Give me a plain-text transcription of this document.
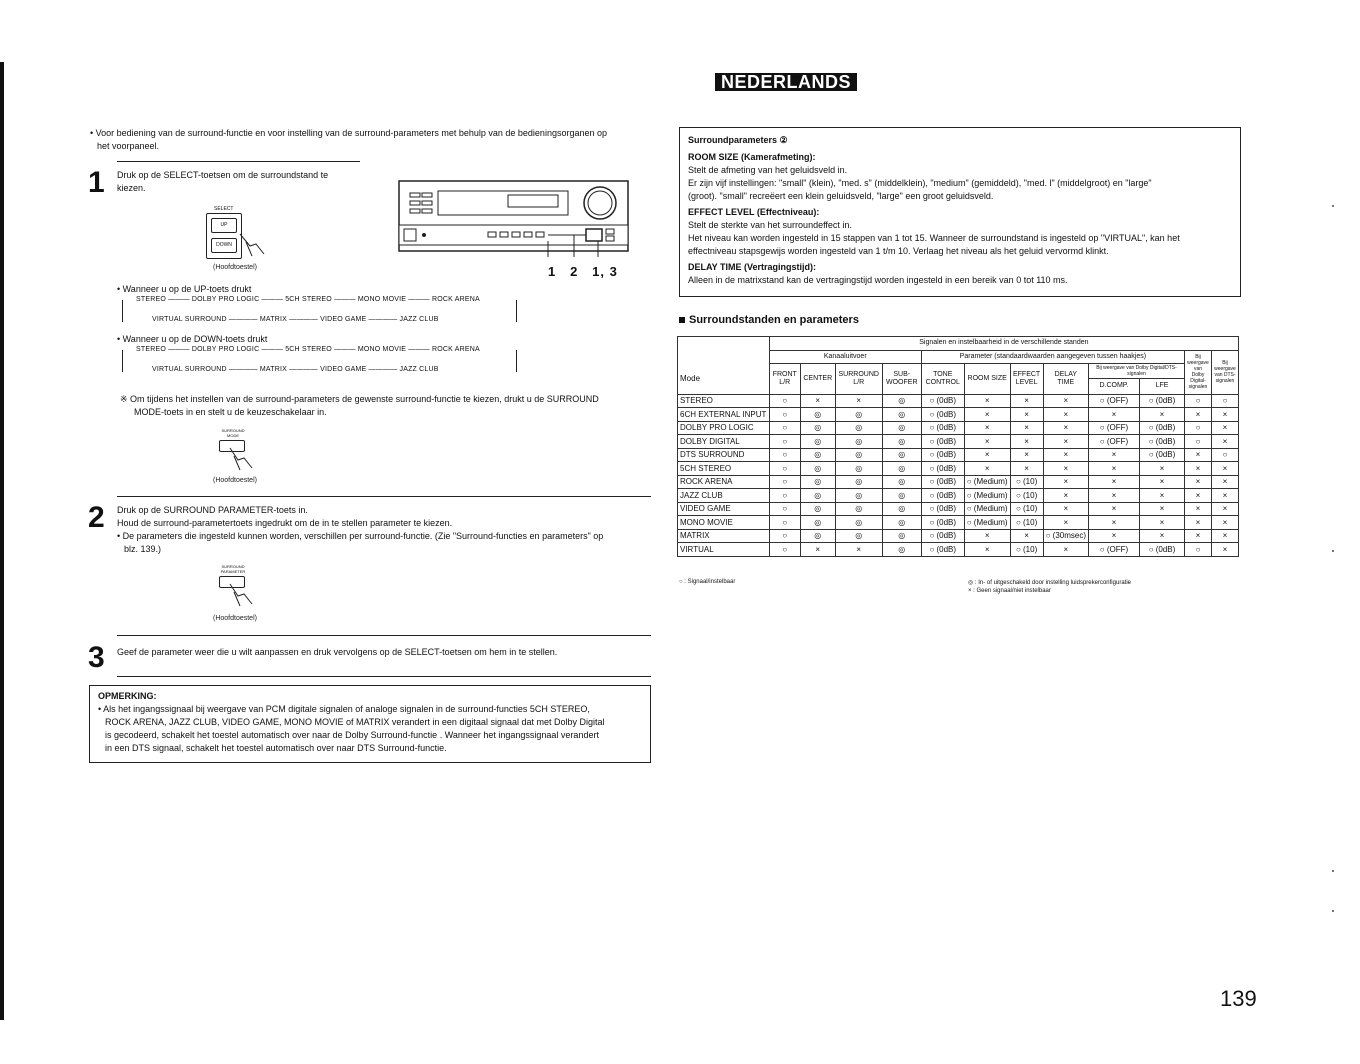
NEDERLANDS
• Voor bediening van de surround-functie en voor instelling van de surround-parameters met behulp van de bedieningsorganen op
het voorpaneel.
1 Druk op de SELECT-toetsen om de surroundstand te
kiezen.
SELECT
UP
DOWN
(Hoofdtoestel)	1   2   1, 3
• Wanneer u op de UP-toets drukt
STEREO ——— DOLBY PRO LOGIC ——— 5CH STEREO ——— MONO MOVIE ——— ROCK ARENA
VIRTUAL SURROUND ———— MATRIX ———— VIDEO GAME ———— JAZZ CLUB
• Wanneer u op de DOWN-toets drukt
STEREO ——— DOLBY PRO LOGIC ——— 5CH STEREO ——— MONO MOVIE ——— ROCK ARENA
VIRTUAL SURROUND ———— MATRIX ———— VIDEO GAME ———— JAZZ CLUB
※ Om tijdens het instellen van de surround-parameters de gewenste surround-functie te kiezen, drukt u de SURROUND
MODE-toets in en stelt u de keuzeschakelaar in.
SURROUND MODE
(Hoofdtoestel)
2 Druk op de SURROUND PARAMETER-toets in.
Houd de surround-parametertoets ingedrukt om de in te stellen parameter te kiezen.
• De parameters die ingesteld kunnen worden, verschillen per surround-functie. (Zie "Surround-functies en parameters" op
blz. 139.)
SURROUND PARAMETER
(Hoofdtoestel)
3 Geef de parameter weer die u wilt aanpassen en druk vervolgens op de SELECT-toetsen om hem in te stellen.
OPMERKING:
• Als het ingangssignaal bij weergave van PCM digitale signalen of analoge signalen in de surround-functies 5CH STEREO,
ROCK ARENA, JAZZ CLUB, VIDEO GAME, MONO MOVIE of MATRIX verandert in een digitaal signaal dat met Dolby Digital
is gecodeerd, schakelt het toestel automatisch over naar de Dolby Surround-functie . Wanneer het ingangssignaal verandert
in een DTS signaal, schakelt het toestel automatisch over naar DTS Surround-functie.
Surroundparameters ②
ROOM SIZE (Kamerafmeting):
Stelt de afmeting van het geluidsveld in.
Er zijn vijf instellingen: "small" (klein), "med. s" (middelklein), "medium" (gemiddeld), "med. l" (middelgroot) en "large"
(groot). "small" recreëert een klein geluidsveld, "large" een groot geluidsveld.
EFFECT LEVEL (Effectniveau):
Stelt de sterkte van het surroundeffect in.
Het niveau kan worden ingesteld in 15 stappen van 1 tot 15. Wanneer de surroundstand is ingesteld op "VIRTUAL", kan het
effectniveau stapsgewijs worden ingesteld van 1 t/m 10. Verlaag het niveau als het geluid vervormd klinkt.
DELAY TIME (Vertragingstijd):
Alleen in de matrixstand kan de vertragingstijd worden ingesteld in een bereik van 0 tot 110 ms.
Surroundstanden en parameters
	Signalen en instelbaarheid in de verschillende standen											
	Kanaaluitvoer				Parameter (standaardwaarden aangegeven tussen haakjes)						Bij weergave van Dolby Digital-signalen	Bij weergave van DTS-signalen
Mode	FRONT L/R	CENTER	SURROUND L/R	SUB-WOOFER	TONE CONTROL	ROOM SIZE	EFFECT LEVEL	DELAY TIME	Bij weergave van Dolby Digital/DTS-signalen			
									D.COMP.	LFE		
STEREO	○	×	×	◎	○ (0dB)	×	×	×	○ (OFF)	○ (0dB)	○	○
6CH EXTERNAL INPUT	○	◎	◎	◎	○ (0dB)	×	×	×	×	×	×	×
DOLBY PRO LOGIC	○	◎	◎	◎	○ (0dB)	×	×	×	○ (OFF)	○ (0dB)	○	×
DOLBY DIGITAL	○	◎	◎	◎	○ (0dB)	×	×	×	○ (OFF)	○ (0dB)	○	×
DTS SURROUND	○	◎	◎	◎	○ (0dB)	×	×	×	×	○ (0dB)	×	○
5CH STEREO	○	◎	◎	◎	○ (0dB)	×	×	×	×	×	×	×
ROCK ARENA	○	◎	◎	◎	○ (0dB)	○ (Medium)	○ (10)	×	×	×	×	×
JAZZ CLUB	○	◎	◎	◎	○ (0dB)	○ (Medium)	○ (10)	×	×	×	×	×
VIDEO GAME	○	◎	◎	◎	○ (0dB)	○ (Medium)	○ (10)	×	×	×	×	×
MONO MOVIE	○	◎	◎	◎	○ (0dB)	○ (Medium)	○ (10)	×	×	×	×	×
MATRIX	○	◎	◎	◎	○ (0dB)	×	×	○ (30msec)	×	×	×	×
VIRTUAL	○	×	×	◎	○ (0dB)	×	○ (10)	×	○ (OFF)	○ (0dB)	○	×
○ : Signaal/instelbaar	◎ : In- of uitgeschakeld door instelling luidsprekerconfiguratie
× : Geen signaal/niet instelbaar
139
